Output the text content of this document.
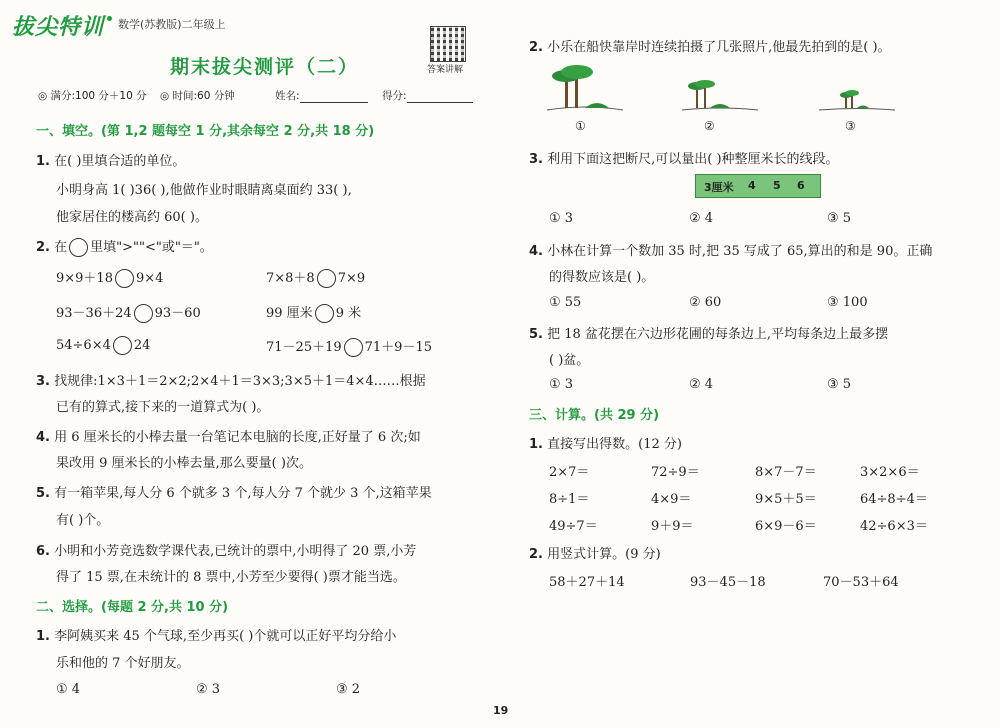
拔尖特训 数学(苏教版)二年级上
答案讲解
期末拔尖测评（二）
◎ 满分:100 分＋10 分 ◎ 时间:60 分钟	姓名:	得分:
一、填空。(第 1,2 题每空 1 分,其余每空 2 分,共 18 分)
1. 在( )里填合适的单位。
小明身高 1( )36( ),他做作业时眼睛离桌面约 33( ),
他家居住的楼高约 60( )。
2. 在 里填">""<"或"＝"。
9×9＋18 9×4	7×8＋8 7×9
93－36＋24 93－60	99 厘米 9 米
54÷6×4 24	71－25＋19 71＋9－15
3. 找规律:1×3＋1＝2×2;2×4＋1＝3×3;3×5＋1＝4×4……根据
已有的算式,接下来的一道算式为( )。
4. 用 6 厘米长的小棒去量一台笔记本电脑的长度,正好量了 6 次;如
果改用 9 厘米长的小棒去量,那么要量( )次。
5. 有一箱苹果,每人分 6 个就多 3 个,每人分 7 个就少 3 个,这箱苹果
有( )个。
6. 小明和小芳竞选数学课代表,已统计的票中,小明得了 20 票,小芳
得了 15 票,在未统计的 8 票中,小芳至少要得( )票才能当选。
二、选择。(每题 2 分,共 10 分)
1. 李阿姨买来 45 个气球,至少再买( )个就可以正好平均分给小
乐和他的 7 个好朋友。
① 4	② 3	③ 2
2. 小乐在船快靠岸时连续拍摄了几张照片,他最先拍到的是( )。
①	②	③
3. 利用下面这把断尺,可以量出( )种整厘米长的线段。
3厘米 4 5 6
① 3	② 4	③ 5
4. 小林在计算一个数加 35 时,把 35 写成了 65,算出的和是 90。正确
的得数应该是( )。
① 55	② 60	③ 100
5. 把 18 盆花摆在六边形花圃的每条边上,平均每条边上最多摆
( )盆。
① 3	② 4	③ 5
三、计算。(共 29 分)
1. 直接写出得数。(12 分)
2×7＝	72÷9＝	8×7－7＝	3×2×6＝
8÷1＝	4×9＝	9×5＋5＝	64÷8÷4＝
49÷7＝	9＋9＝	6×9－6＝	42÷6×3＝
2. 用竖式计算。(9 分)
58＋27＋14	93－45－18	70－53＋64
19
